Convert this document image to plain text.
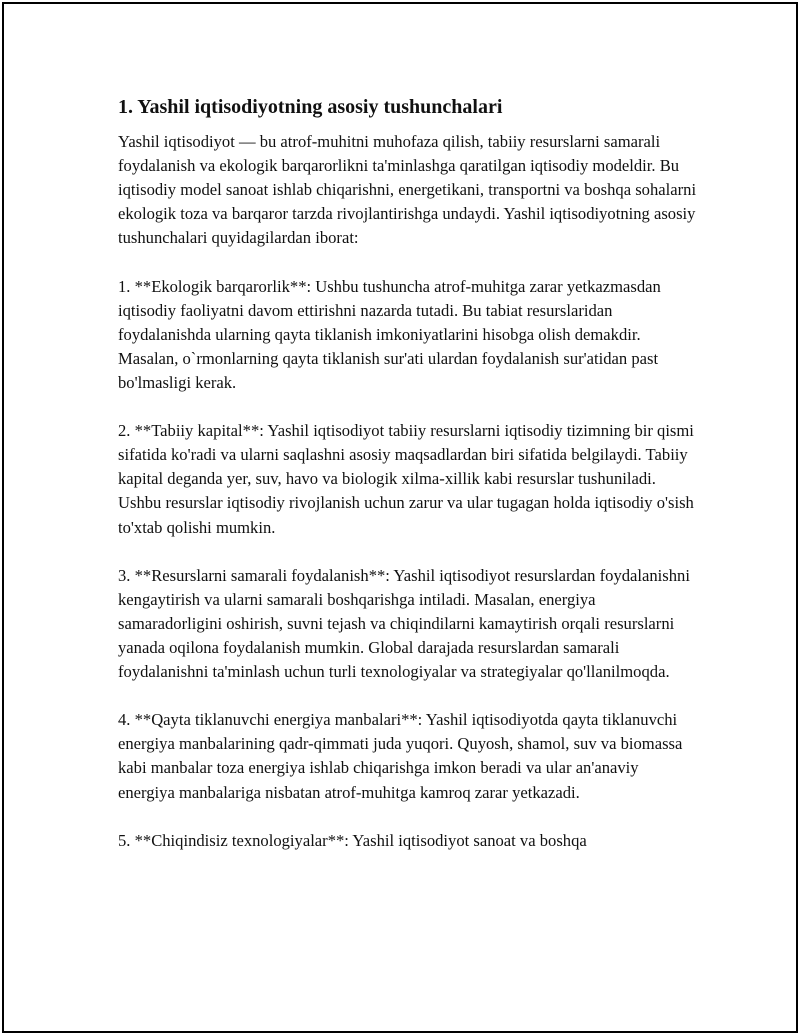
1. Yashil iqtisodiyotning asosiy tushunchalari

Yashil iqtisodiyot — bu atrof-muhitni muhofaza qilish, tabiiy resurslarni samarali foydalanish va ekologik barqarorlikni ta'minlashga qaratilgan iqtisodiy modeldir. Bu iqtisodiy model sanoat ishlab chiqarishni, energetikani, transportni va boshqa sohalarni ekologik toza va barqaror tarzda rivojlantirishga undaydi. Yashil iqtisodiyotning asosiy tushunchalari quyidagilardan iborat:

1. **Ekologik barqarorlik**: Ushbu tushuncha atrof-muhitga zarar yetkazmasdan iqtisodiy faoliyatni davom ettirishni nazarda tutadi. Bu tabiat resurslaridan foydalanishda ularning qayta tiklanish imkoniyatlarini hisobga olish demakdir. Masalan, o`rmonlarning qayta tiklanish sur'ati ulardan foydalanish sur'atidan past bo'lmasligi kerak.

2. **Tabiiy kapital**: Yashil iqtisodiyot tabiiy resurslarni iqtisodiy tizimning bir qismi sifatida ko'radi va ularni saqlashni asosiy maqsadlardan biri sifatida belgilaydi. Tabiiy kapital deganda yer, suv, havo va biologik xilma-xillik kabi resurslar tushuniladi. Ushbu resurslar iqtisodiy rivojlanish uchun zarur va ular tugagan holda iqtisodiy o'sish to'xtab qolishi mumkin.

3. **Resurslarni samarali foydalanish**: Yashil iqtisodiyot resurslardan foydalanishni kengaytirish va ularni samarali boshqarishga intiladi. Masalan, energiya samaradorligini oshirish, suvni tejash va chiqindilarni kamaytirish orqali resurslarni yanada oqilona foydalanish mumkin. Global darajada resurslardan samarali foydalanishni ta'minlash uchun turli texnologiyalar va strategiyalar qo'llanilmoqda.

4. **Qayta tiklanuvchi energiya manbalari**: Yashil iqtisodiyotda qayta tiklanuvchi energiya manbalarining qadr-qimmati juda yuqori. Quyosh, shamol, suv va biomassa kabi manbalar toza energiya ishlab chiqarishga imkon beradi va ular an'anaviy energiya manbalariga nisbatan atrof-muhitga kamroq zarar yetkazadi.

5. **Chiqindisiz texnologiyalar**: Yashil iqtisodiyot sanoat va boshqa
